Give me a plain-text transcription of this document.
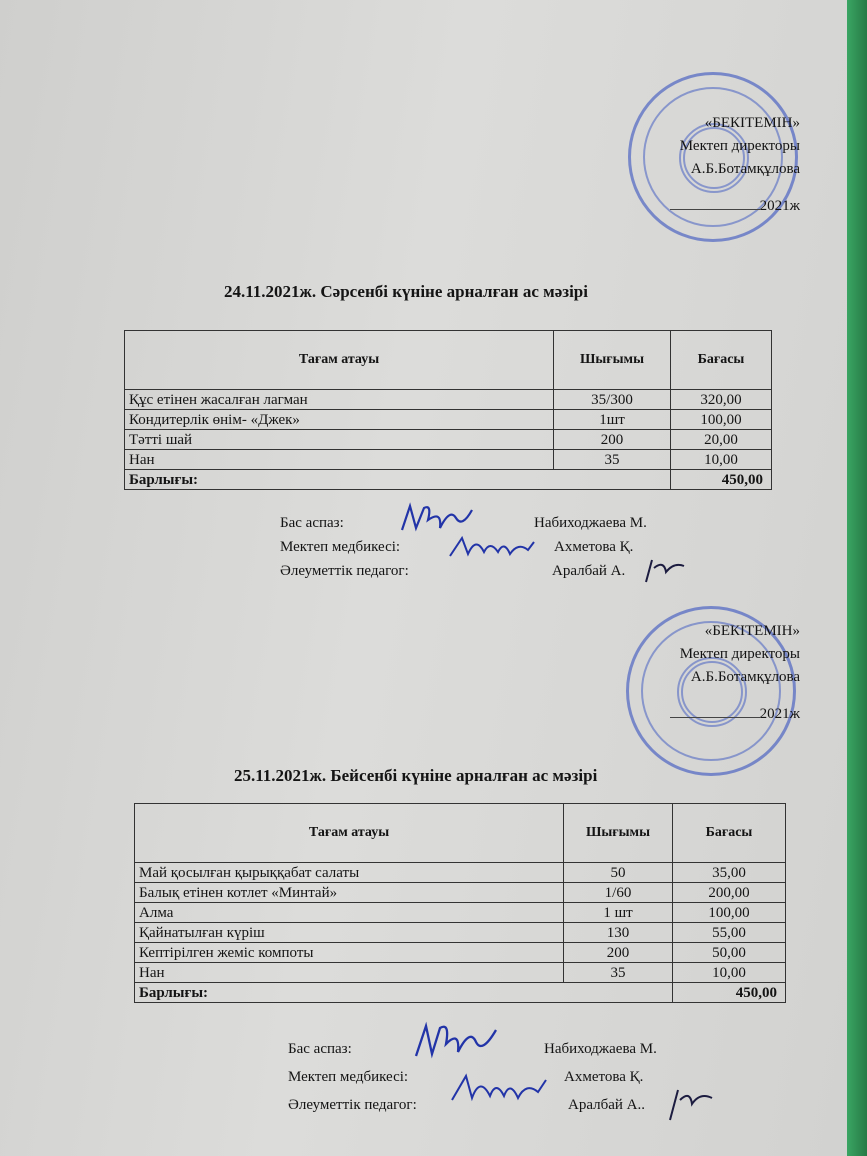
«БЕКІТЕМІН»
Мектеп директоры
А.Б.Ботамқұлова
2021ж
24.11.2021ж. Сәрсенбі күніне арналған ас мәзірі
Тағам атауы	Шығымы	Бағасы
Құс етінен жасалған лагман	35/300	320,00
Кондитерлік өнім- «Джек»	1шт	100,00
Тәтті шай	200	20,00
Нан	35	10,00
Барлығы:		450,00
Бас аспаз:	Набиходжаева М.
Мектеп медбикесі:	Ахметова Қ.
Әлеуметтік педагог:	Аралбай А.
«БЕКІТЕМІН»
Мектеп директоры
А.Б.Ботамқұлова
2021ж
25.11.2021ж. Бейсенбі күніне арналған ас мәзірі
Тағам атауы	Шығымы	Бағасы
Май қосылған қырыққабат салаты	50	35,00
Балық етінен котлет «Минтай»	1/60	200,00
Алма	1 шт	100,00
Қайнатылған күріш	130	55,00
Кептірілген жеміс компоты	200	50,00
Нан	35	10,00
Барлығы:		450,00
Бас аспаз:	Набиходжаева М.
Мектеп медбикесі:	Ахметова Қ.
Әлеуметтік педагог:	Аралбай А..
